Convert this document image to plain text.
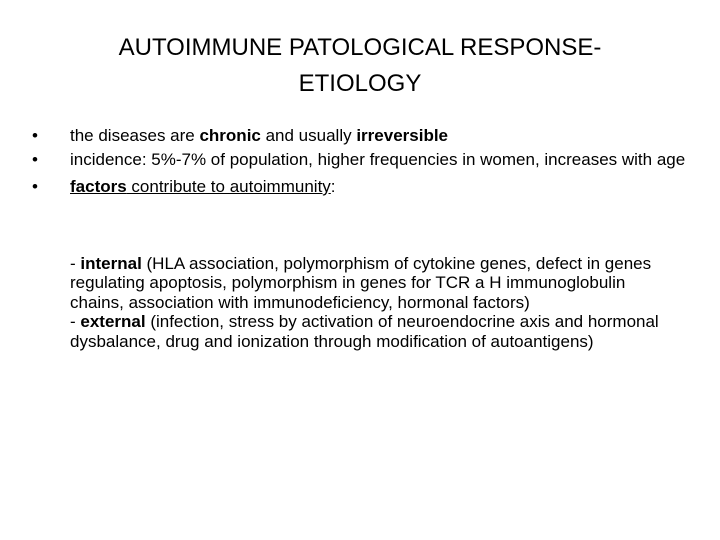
AUTOIMMUNE PATOLOGICAL RESPONSE-
ETIOLOGY
• the diseases are chronic and usually irreversible
• incidence: 5%-7% of population, higher frequencies in women, increases with age
• factors contribute to autoimmunity:
- internal (HLA association, polymorphism of cytokine genes, defect in genes regulating apoptosis, polymorphism in genes for TCR a H immunoglobulin chains, association with immunodeficiency, hormonal factors)
- external (infection, stress by activation of neuroendocrine axis and hormonal dysbalance, drug and ionization through modification of autoantigens)
